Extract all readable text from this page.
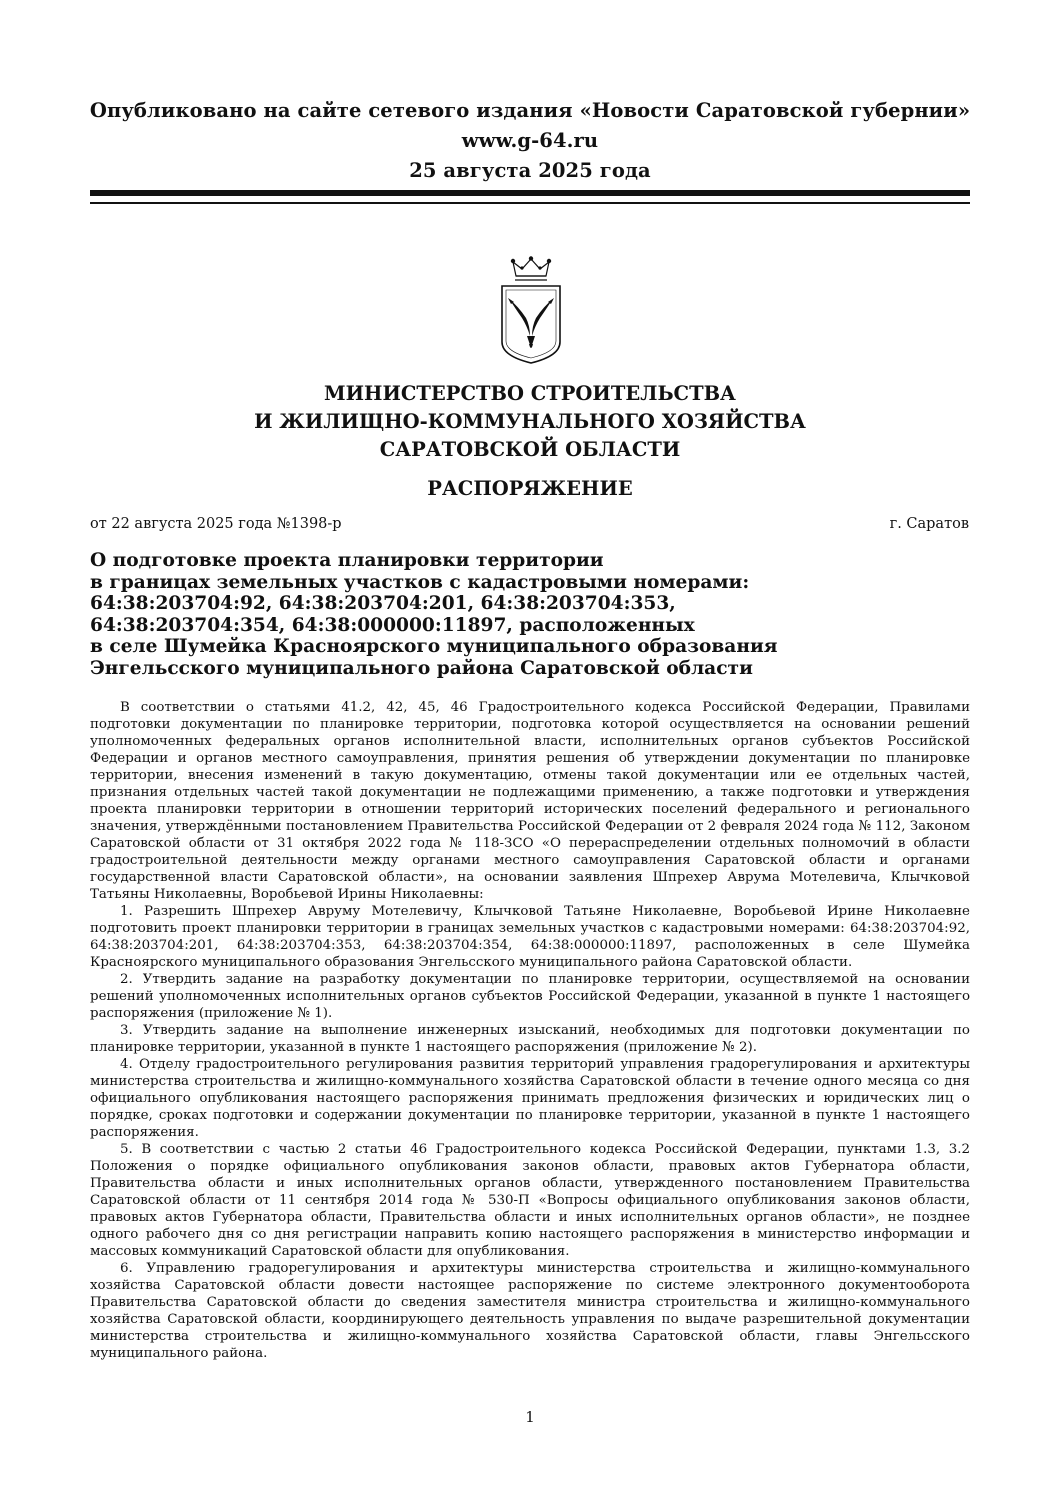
Опубликовано на сайте сетевого издания «Новости Саратовской губернии»
www.g-64.ru
25 августа 2025 года
МИНИСТЕРСТВО СТРОИТЕЛЬСТВА
И ЖИЛИЩНО-КОММУНАЛЬНОГО ХОЗЯЙСТВА
САРАТОВСКОЙ ОБЛАСТИ
РАСПОРЯЖЕНИЕ
от 22 августа 2025 года №1398-р	г. Саратов
О подготовке проекта планировки территории
в границах земельных участков с кадастровыми номерами:
64:38:203704:92, 64:38:203704:201, 64:38:203704:353,
64:38:203704:354, 64:38:000000:11897, расположенных
в селе Шумейка Красноярского муниципального образования
Энгельсского муниципального района Саратовской области

В соответствии о статьями 41.2, 42, 45, 46 Градостроительного кодекса Российской Федерации, Правилами подготовки документации по планировке территории, подготовка которой осуществляется на основании решений уполномоченных федеральных органов исполнительной власти, исполнительных органов субъектов Российской Федерации и органов местного самоуправления, принятия решения об утверждении документации по планировке территории, внесения изменений в такую документацию, отмены такой документации или ее отдельных частей, признания отдельных частей такой документации не подлежащими применению, а также подготовки и утверждения проекта планировки территории в отношении территорий исторических поселений федерального и регионального значения, утверждёнными постановлением Правительства Российской Федерации от 2 февраля 2024 года № 112, Законом Саратовской области от 31 октября 2022 года № 118-ЗСО «О перераспределении отдельных полномочий в области градостроительной деятельности между органами местного самоуправления Саратовской области и органами государственной власти Саратовской области», на основании заявления Шпрехер Аврума Мотелевича, Клычковой Татьяны Николаевны, Воробьевой Ирины Николаевны:

1. Разрешить Шпрехер Авруму Мотелевичу, Клычковой Татьяне Николаевне, Воробьевой Ирине Николаевне подготовить проект планировки территории в границах земельных участков с кадастровыми номерами: 64:38:203704:92, 64:38:203704:201, 64:38:203704:353, 64:38:203704:354, 64:38:000000:11897, расположенных в селе Шумейка Красноярского муниципального образования Энгельсского муниципального района Саратовской области.

2. Утвердить задание на разработку документации по планировке территории, осуществляемой на основании решений уполномоченных исполнительных органов субъектов Российской Федерации, указанной в пункте 1 настоящего распоряжения (приложение № 1).

3. Утвердить задание на выполнение инженерных изысканий, необходимых для подготовки документации по планировке территории, указанной в пункте 1 настоящего распоряжения (приложение № 2).

4. Отделу градостроительного регулирования развития территорий управления градорегулирования и архитектуры министерства строительства и жилищно-коммунального хозяйства Саратовской области в течение одного месяца со дня официального опубликования настоящего распоряжения принимать предложения физических и юридических лиц о порядке, сроках подготовки и содержании документации по планировке территории, указанной в пункте 1 настоящего распоряжения.

5. В соответствии с частью 2 статьи 46 Градостроительного кодекса Российской Федерации, пунктами 1.3, 3.2 Положения о порядке официального опубликования законов области, правовых актов Губернатора области, Правительства области и иных исполнительных органов области, утвержденного постановлением Правительства Саратовской области от 11 сентября 2014 года № 530-П «Вопросы официального опубликования законов области, правовых актов Губернатора области, Правительства области и иных исполнительных органов области», не позднее одного рабочего дня со дня регистрации направить копию настоящего распоряжения в министерство информации и массовых коммуникаций Саратовской области для опубликования.

6. Управлению градорегулирования и архитектуры министерства строительства и жилищно-коммунального хозяйства Саратовской области довести настоящее распоряжение по системе электронного документооборота Правительства Саратовской области до сведения заместителя министра строительства и жилищно-коммунального хозяйства Саратовской области, координирующего деятельность управления по выдаче разрешительной документации министерства строительства и жилищно-коммунального хозяйства Саратовской области, главы Энгельсского муниципального района.

1
